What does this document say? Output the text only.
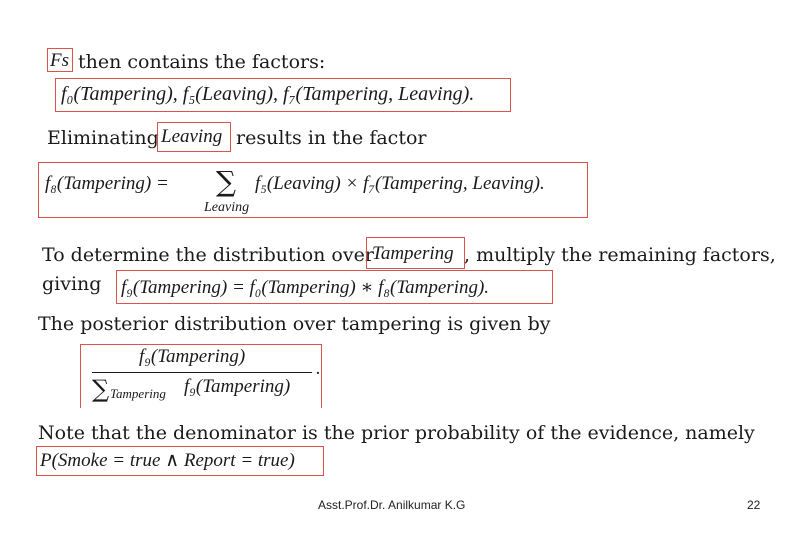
Fs then contains the factors:
f₀(Tampering), f₅(Leaving), f₇(Tampering, Leaving).
Eliminating Leaving results in the factor
f₈(Tampering) = ∑
Leaving
f₅(Leaving) × f₇(Tampering, Leaving).
To determine the distribution over
Tampering , multiply the remaining factors,
giving f₉(Tampering) = f₀(Tampering) ∗ f₈(Tampering).
The posterior distribution over tampering is given by
f₉(Tampering)
∑ Tampering f₉(Tampering)
.
Note that the denominator is the prior probability of the evidence, namely
P(Smoke = true ∧ Report = true)
Asst.Prof.Dr. Anilkumar K.G	22
